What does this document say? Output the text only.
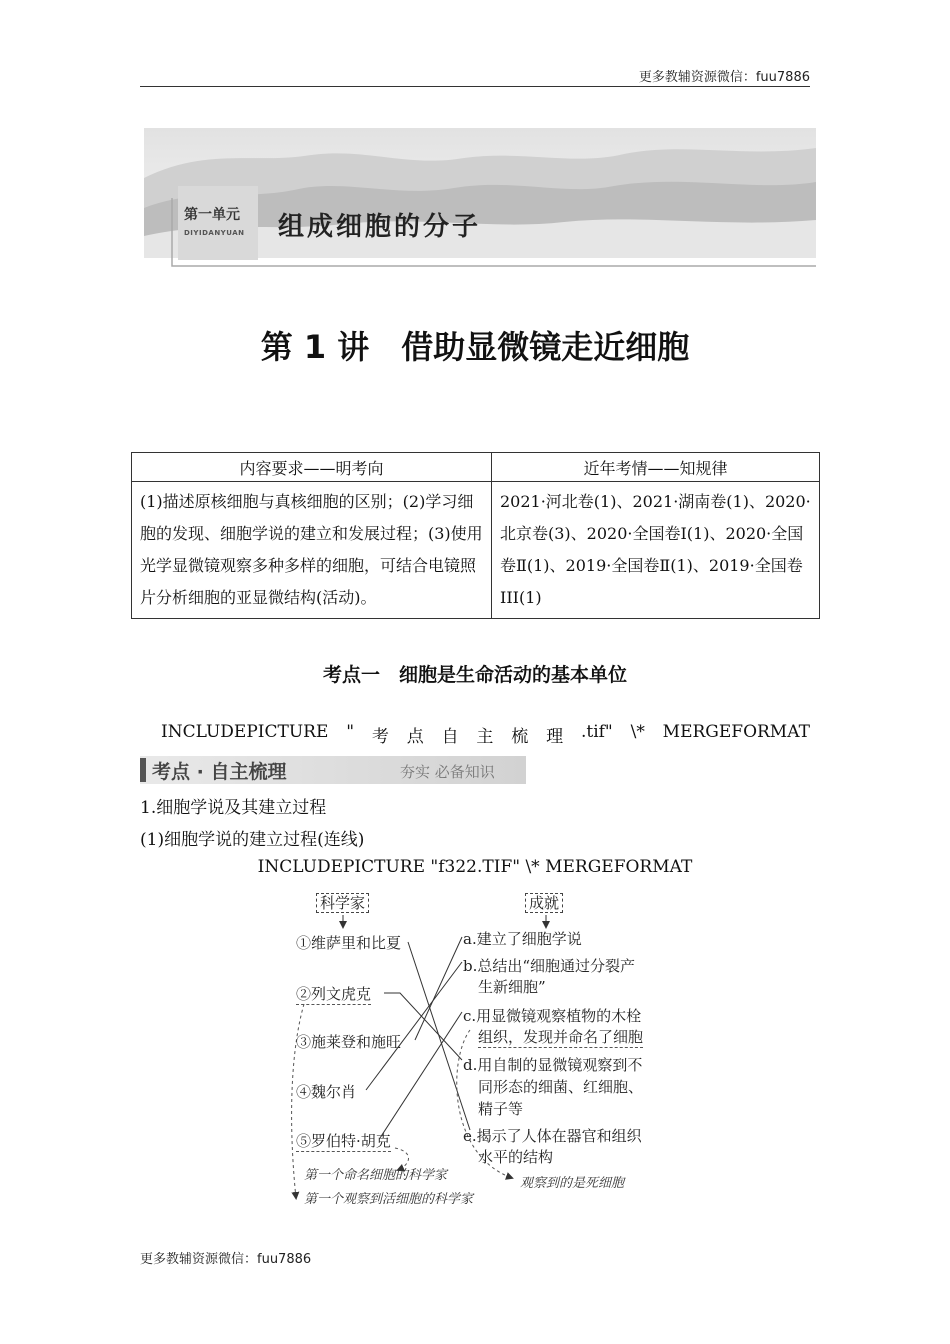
更多教辅资源微信：fuu7886
第一单元
DIYIDANYUAN 组成细胞的分子
第 1 讲　借助显微镜走近细胞
内容要求——明考向	近年考情——知规律
(1)描述原核细胞与真核细胞的区别；(2)学习细胞的发现、细胞学说的建立和发展过程；(3)使用光学显微镜观察多种多样的细胞，可结合电镜照片分析细胞的亚显微结构(活动)。	2021·河北卷(1)、2021·湖南卷(1)、2020·北京卷(3)、2020·全国卷Ⅰ(1)、2020·全国卷Ⅱ(1)、2019·全国卷Ⅱ(1)、2019·全国卷III(1)
考点一　细胞是生命活动的基本单位
INCLUDEPICTURE " 考 点 自 主 梳 理 .tif" \* MERGEFORMAT
考点 · 自主梳理	夯实 必备知识
1.细胞学说及其建立过程
(1)细胞学说的建立过程(连线)
INCLUDEPICTURE "f322.TIF" \* MERGEFORMAT
科学家	成就
①维萨里和比夏
②列文虎克
③施莱登和施旺
④魏尔肖
⑤罗伯特·胡克
a.建立了细胞学说
b.总结出“细胞通过分裂产
生新细胞”
c.用显微镜观察植物的木栓
组织，发现并命名了细胞
d.用自制的显微镜观察到不
同形态的细菌、红细胞、
精子等
e.揭示了人体在器官和组织
水平的结构
第一个命名细胞的科学家
第一个观察到活细胞的科学家
观察到的是死细胞
更多教辅资源微信：fuu7886
